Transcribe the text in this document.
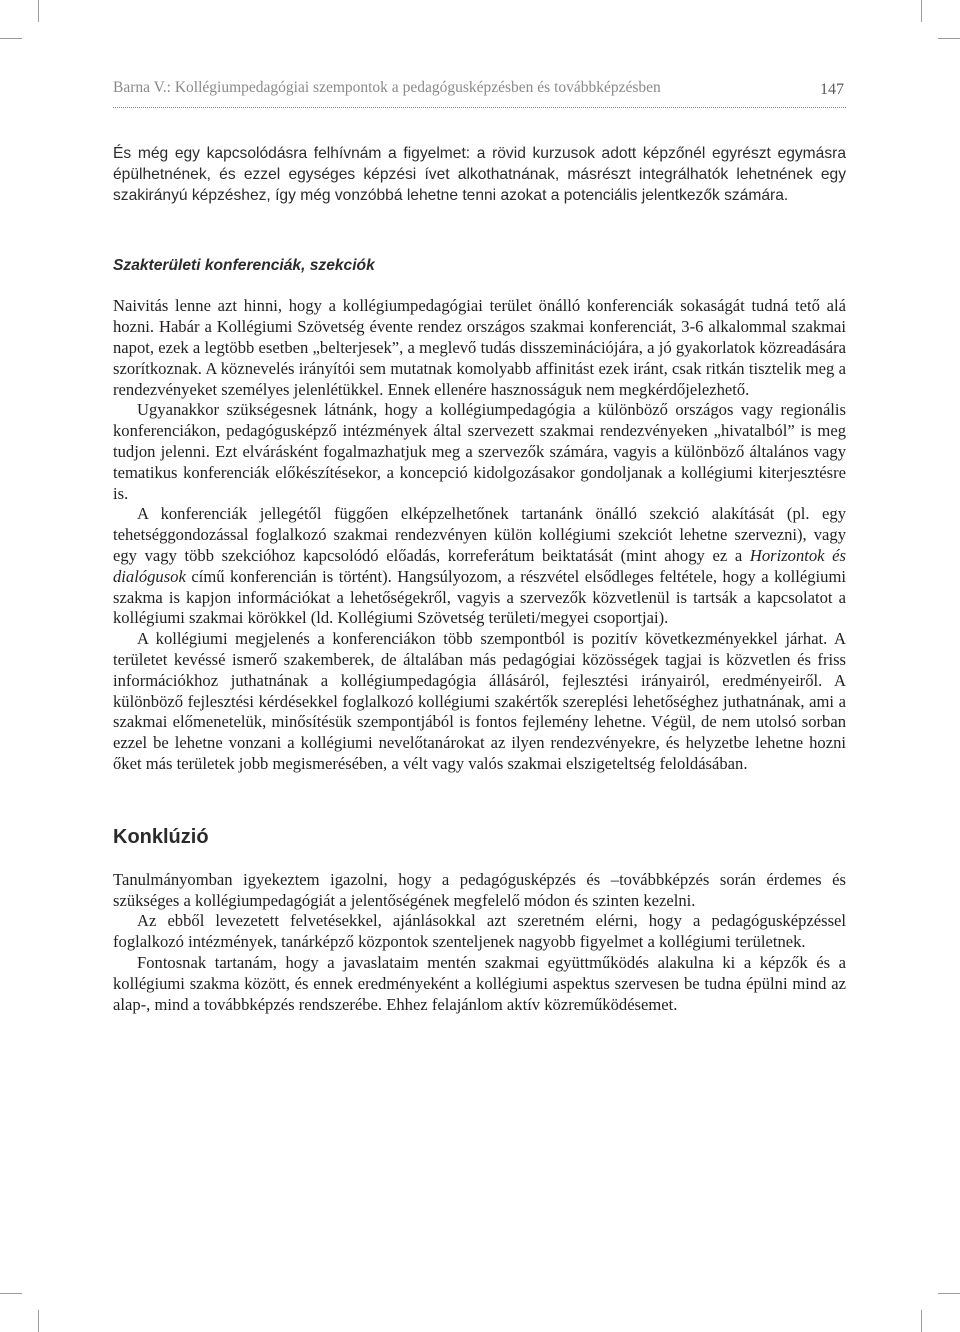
Barna V.: Kollégiumpedagógiai szempontok a pedagógusképzésben és továbbképzésben	147

És még egy kapcsolódásra felhívnám a figyelmet: a rövid kurzusok adott képzőnél egyrészt egymásra épülhetnének, és ezzel egységes képzési ívet alkothatnának, másrészt integrálhatók lehetnének egy szakirányú képzéshez, így még vonzóbbá lehetne tenni azokat a potenciális jelentkezők számára.

Szakterületi konferenciák, szekciók

Naivitás lenne azt hinni, hogy a kollégiumpedagógiai terület önálló konferenciák sokaságát tudná tető alá hozni. Habár a Kollégiumi Szövetség évente rendez országos szakmai konferenciát, 3-6 alkalommal szakmai napot, ezek a legtöbb esetben „belterjesek”, a meglevő tudás disszeminációjára, a jó gyakorlatok közreadására szorítkoznak. A köznevelés irányítói sem mutatnak komolyabb affinitást ezek iránt, csak ritkán tisztelik meg a rendezvényeket személyes jelenlétükkel. Ennek ellenére hasznosságuk nem megkérdőjelezhető.

Ugyanakkor szükségesnek látnánk, hogy a kollégiumpedagógia a különböző országos vagy regionális konferenciákon, pedagógusképző intézmények által szervezett szakmai rendezvényeken „hivatalból” is meg tudjon jelenni. Ezt elvárásként fogalmazhatjuk meg a szervezők számára, vagyis a különböző általános vagy tematikus konferenciák előkészítésekor, a koncepció kidolgozásakor gondoljanak a kollégiumi kiterjesztésre is.

A konferenciák jellegétől függően elképzelhetőnek tartanánk önálló szekció alakítását (pl. egy tehetséggondozással foglalkozó szakmai rendezvényen külön kollégiumi szekciót lehetne szervezni), vagy egy vagy több szekcióhoz kapcsolódó előadás, korreferátum beiktatását (mint ahogy ez a Horizontok és dialógusok című konferencián is történt). Hangsúlyozom, a részvétel elsődleges feltétele, hogy a kollégiumi szakma is kapjon információkat a lehetőségekről, vagyis a szervezők közvetlenül is tartsák a kapcsolatot a kollégiumi szakmai körökkel (ld. Kollégiumi Szövetség területi/megyei csoportjai).

A kollégiumi megjelenés a konferenciákon több szempontból is pozitív következményekkel járhat. A területet kevéssé ismerő szakemberek, de általában más pedagógiai közösségek tagjai is közvetlen és friss információkhoz juthatnának a kollégiumpedagógia állásáról, fejlesztési irányairól, eredményeiről. A különböző fejlesztési kérdésekkel foglalkozó kollégiumi szakértők szereplési lehetőséghez juthatnának, ami a szakmai előmenetelük, minősítésük szempontjából is fontos fejlemény lehetne. Végül, de nem utolsó sorban ezzel be lehetne vonzani a kollégiumi nevelőtanárokat az ilyen rendezvényekre, és helyzetbe lehetne hozni őket más területek jobb megismerésében, a vélt vagy valós szakmai elszigeteltség feloldásában.

Konklúzió

Tanulmányomban igyekeztem igazolni, hogy a pedagógusképzés és –továbbképzés során érdemes és szükséges a kollégiumpedagógiát a jelentőségének megfelelő módon és szinten kezelni.

Az ebből levezetett felvetésekkel, ajánlásokkal azt szeretném elérni, hogy a pedagógusképzéssel foglalkozó intézmények, tanárképző központok szenteljenek nagyobb figyelmet a kollégiumi területnek.

Fontosnak tartanám, hogy a javaslataim mentén szakmai együttműködés alakulna ki a képzők és a kollégiumi szakma között, és ennek eredményeként a kollégiumi aspektus szervesen be tudna épülni mind az alap-, mind a továbbképzés rendszerébe. Ehhez felajánlom aktív közreműködésemet.
